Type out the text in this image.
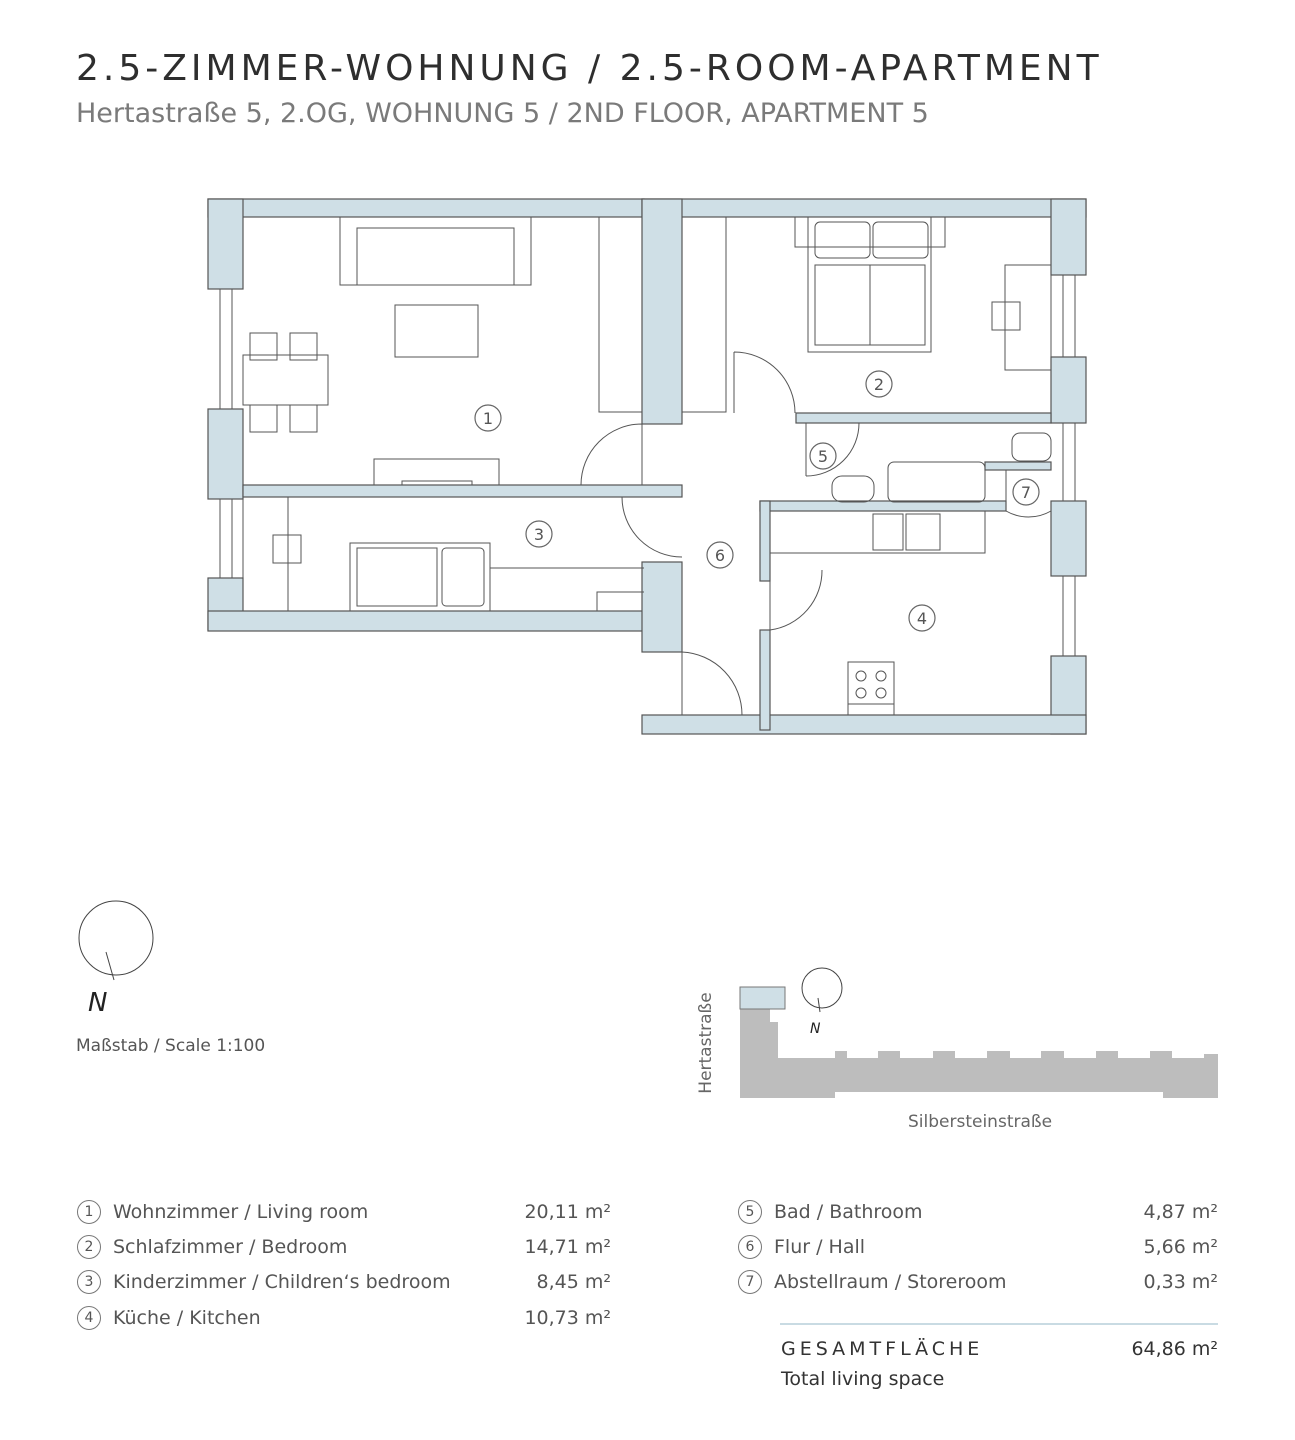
2.5-ZIMMER-WOHNUNG / 2.5-ROOM-APARTMENT
Hertastraße 5, 2.OG, WOHNUNG 5 / 2ND FLOOR, APARTMENT 5
1
2
3
4
5
6
7
N
N
Maßstab / Scale 1:100	Hertastraße
Silbersteinstraße
1	Wohnzimmer / Living room	20,11 m²
2	Schlafzimmer / Bedroom	14,71 m²
3	Kinderzimmer / Children‘s bedroom	8,45 m²
4	Küche / Kitchen	10,73 m²
5	Bad / Bathroom	4,87 m²
6	Flur / Hall	5,66 m²
7	Abstellraum / Storeroom	0,33 m²
GESAMTFLÄCHE
Total living space
64,86 m²
